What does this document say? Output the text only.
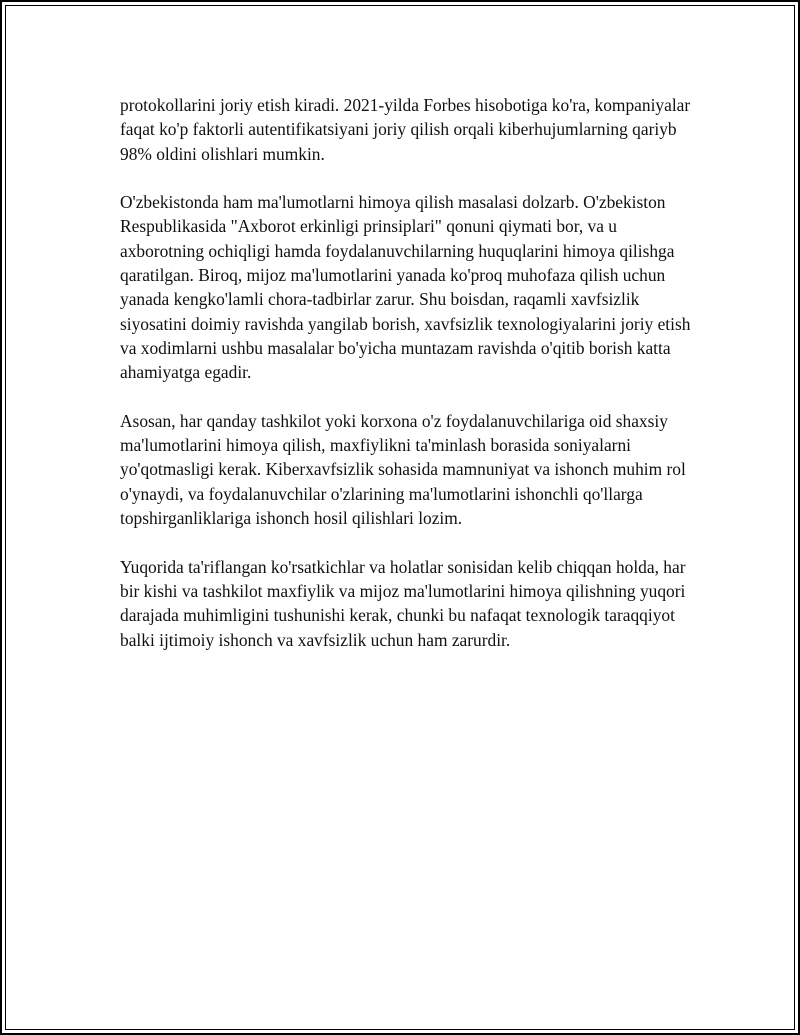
protokollarini joriy etish kiradi. 2021-yilda Forbes hisobotiga ko'ra, kompaniyalar faqat ko'p faktorli autentifikatsiyani joriy qilish orqali kiberhujumlarning qariyb 98% oldini olishlari mumkin.

O'zbekistonda ham ma'lumotlarni himoya qilish masalasi dolzarb. O'zbekiston Respublikasida "Axborot erkinligi prinsiplari" qonuni qiymati bor, va u axborotning ochiqligi hamda foydalanuvchilarning huquqlarini himoya qilishga qaratilgan. Biroq, mijoz ma'lumotlarini yanada ko'proq muhofaza qilish uchun yanada kengko'lamli chora-tadbirlar zarur. Shu boisdan, raqamli xavfsizlik siyosatini doimiy ravishda yangilab borish, xavfsizlik texnologiyalarini joriy etish va xodimlarni ushbu masalalar bo'yicha muntazam ravishda o'qitib borish katta ahamiyatga egadir.

Asosan, har qanday tashkilot yoki korxona o'z foydalanuvchilariga oid shaxsiy ma'lumotlarini himoya qilish, maxfiylikni ta'minlash borasida soniyalarni yo'qotmasligi kerak. Kiberxavfsizlik sohasida mamnuniyat va ishonch muhim rol o'ynaydi, va foydalanuvchilar o'zlarining ma'lumotlarini ishonchli qo'llarga topshirganliklariga ishonch hosil qilishlari lozim.

Yuqorida ta'riflangan ko'rsatkichlar va holatlar sonisidan kelib chiqqan holda, har bir kishi va tashkilot maxfiylik va mijoz ma'lumotlarini himoya qilishning yuqori darajada muhimligini tushunishi kerak, chunki bu nafaqat texnologik taraqqiyot balki ijtimoiy ishonch va xavfsizlik uchun ham zarurdir.
